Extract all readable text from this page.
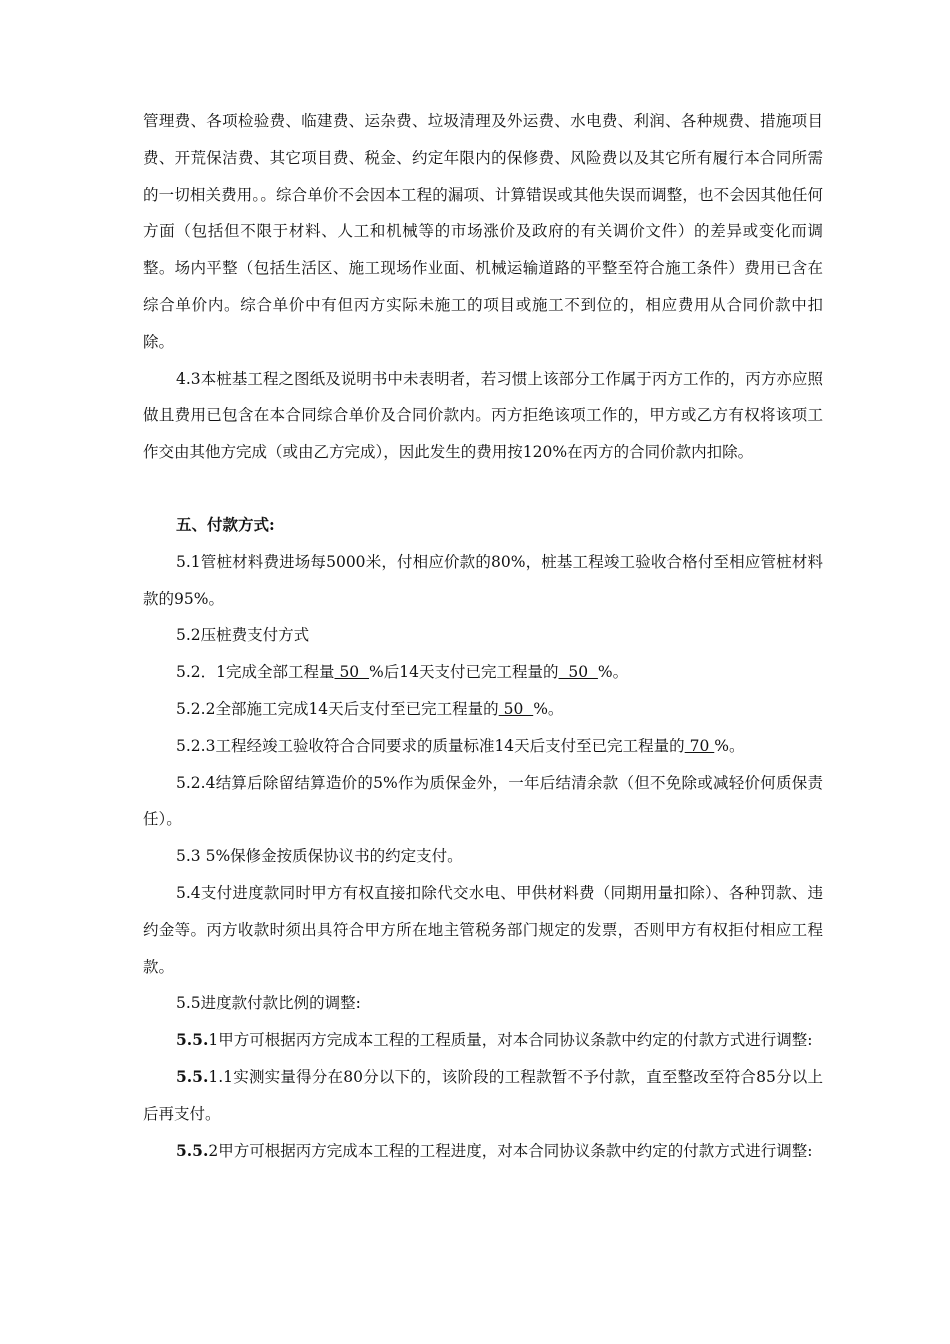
管理费、各项检验费、临建费、运杂费、垃圾清理及外运费、水电费、利润、各种规费、措施项目费、开荒保洁费、其它项目费、税金、约定年限内的保修费、风险费以及其它所有履行本合同所需的一切相关费用。。综合单价不会因本工程的漏项、计算错误或其他失误而调整，也不会因其他任何方面（包括但不限于材料、人工和机械等的市场涨价及政府的有关调价文件）的差异或变化而调整。场内平整（包括生活区、施工现场作业面、机械运输道路的平整至符合施工条件）费用已含在综合单价内。综合单价中有但丙方实际未施工的项目或施工不到位的，相应费用从合同价款中扣除。

4.3本桩基工程之图纸及说明书中未表明者，若习惯上该部分工作属于丙方工作的，丙方亦应照做且费用已包含在本合同综合单价及合同价款内。丙方拒绝该项工作的，甲方或乙方有权将该项工作交由其他方完成（或由乙方完成），因此发生的费用按120%在丙方的合同价款内扣除。

五、付款方式:

5.1管桩材料费进场每5000米，付相应价款的80%，桩基工程竣工验收合格付至相应管桩材料款的95%。

5.2压桩费支付方式

5.2．1完成全部工程量 50  %后14天支付已完工程量的  50  %。

5.2.2全部施工完成14天后支付至已完工程量的 50  %。

5.2.3工程经竣工验收符合合同要求的质量标准14天后支付至已完工程量的 70 %。

5.2.4结算后除留结算造价的5%作为质保金外，一年后结清余款（但不免除或减轻价何质保责任）。

5.3 5%保修金按质保协议书的约定支付。

5.4支付进度款同时甲方有权直接扣除代交水电、甲供材料费（同期用量扣除）、各种罚款、违约金等。丙方收款时须出具符合甲方所在地主管税务部门规定的发票，否则甲方有权拒付相应工程款。

5.5进度款付款比例的调整:

5.5.1甲方可根据丙方完成本工程的工程质量，对本合同协议条款中约定的付款方式进行调整:

5.5.1.1实测实量得分在80分以下的，该阶段的工程款暂不予付款，直至整改至符合85分以上后再支付。

5.5.2甲方可根据丙方完成本工程的工程进度，对本合同协议条款中约定的付款方式进行调整:
